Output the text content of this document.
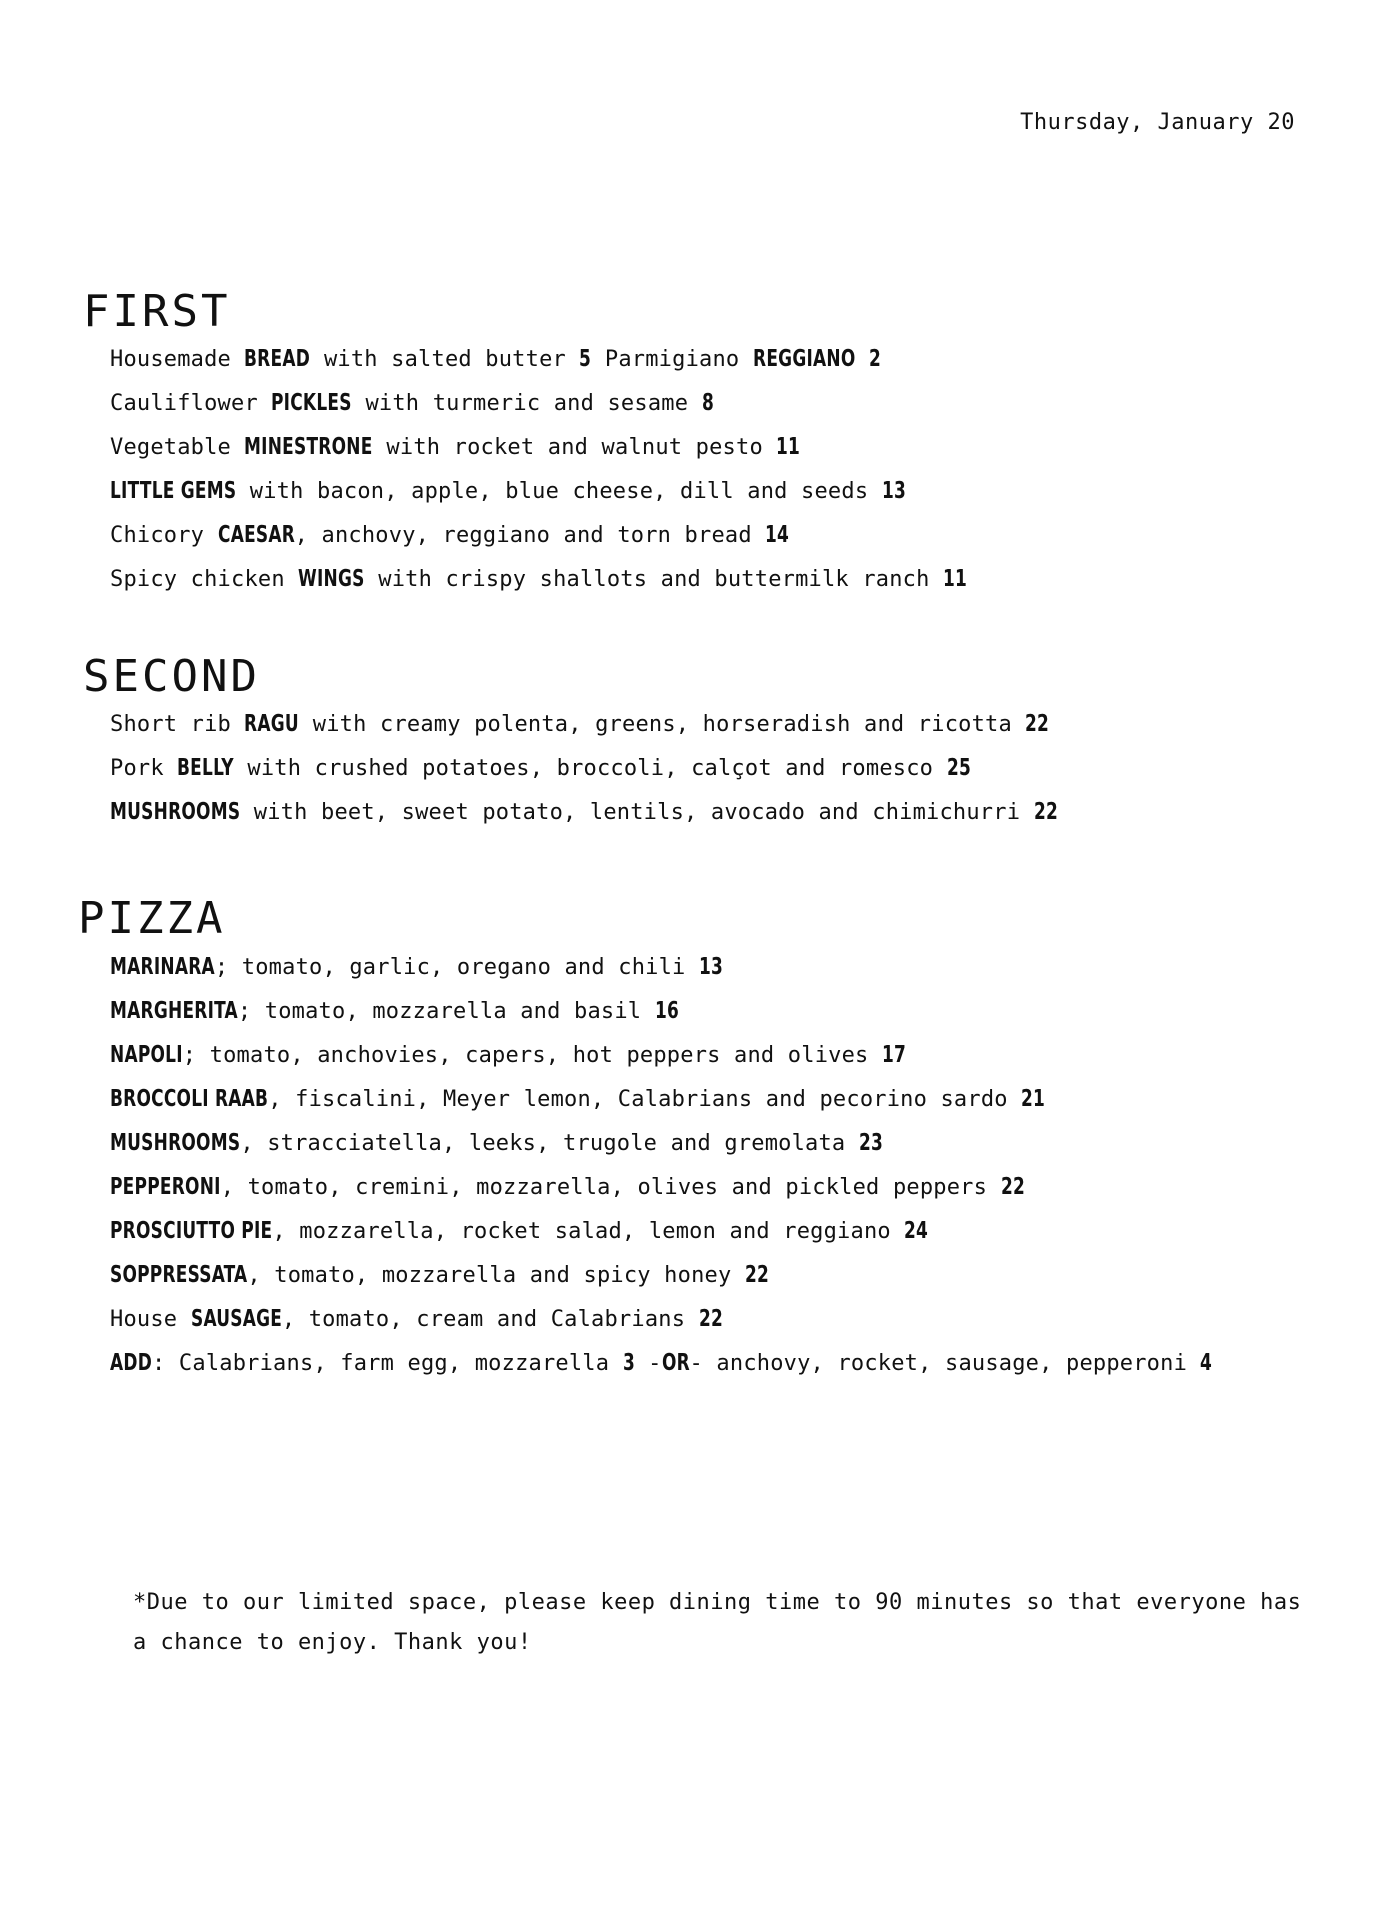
Thursday, January 20
FIRST
Housemade BREAD with salted butter 5 Parmigiano REGGIANO 2
Cauliflower PICKLES with turmeric and sesame 8
Vegetable MINESTRONE with rocket and walnut pesto 11
LITTLE GEMS with bacon, apple, blue cheese, dill and seeds 13
Chicory CAESAR, anchovy, reggiano and torn bread 14
Spicy chicken WINGS with crispy shallots and buttermilk ranch 11
SECOND
Short rib RAGU with creamy polenta, greens, horseradish and ricotta 22
Pork BELLY with crushed potatoes, broccoli, calçot and romesco 25
MUSHROOMS with beet, sweet potato, lentils, avocado and chimichurri 22
PIZZA
MARINARA; tomato, garlic, oregano and chili 13
MARGHERITA; tomato, mozzarella and basil 16
NAPOLI; tomato, anchovies, capers, hot peppers and olives 17
BROCCOLI RAAB, fiscalini, Meyer lemon, Calabrians and pecorino sardo 21
MUSHROOMS, stracciatella, leeks, trugole and gremolata 23
PEPPERONI, tomato, cremini, mozzarella, olives and pickled peppers 22
PROSCIUTTO PIE, mozzarella, rocket salad, lemon and reggiano 24
SOPPRESSATA, tomato, mozzarella and spicy honey 22
House SAUSAGE, tomato, cream and Calabrians 22
ADD: Calabrians, farm egg, mozzarella 3 -OR- anchovy, rocket, sausage, pepperoni 4
*Due to our limited space, please keep dining time to 90 minutes so that everyone has a chance to enjoy. Thank you!
